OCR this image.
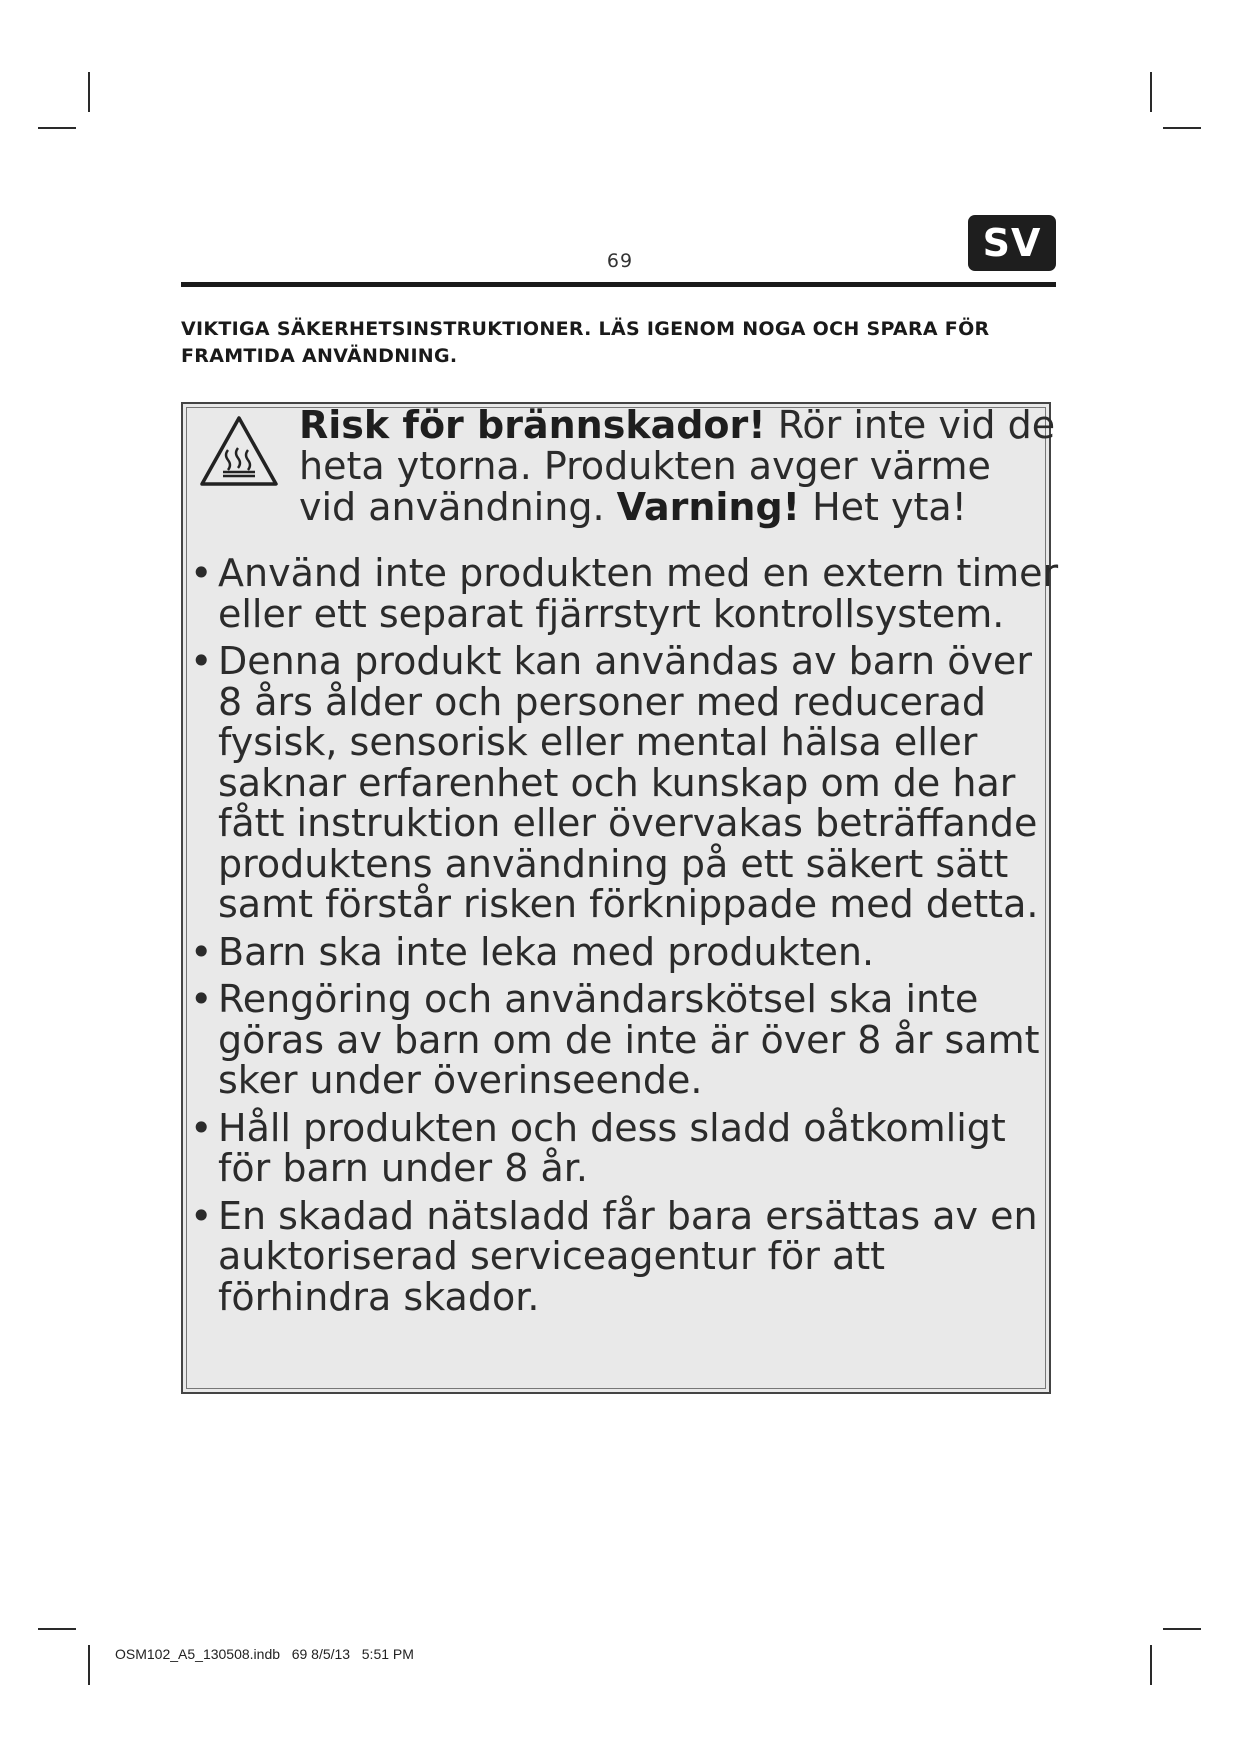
69	SV
VIKTIGA SÄKERHETSINSTRUKTIONER. LÄS IGENOM NOGA OCH SPARA FÖR FRAMTIDA ANVÄNDNING.
Risk för brännskador! Rör inte vid de heta ytorna. Produkten avger värme vid användning. Varning! Het yta!
• Använd inte produkten med en extern timer eller ett separat fjärrstyrt kontrollsystem.
• Denna produkt kan användas av barn över 8 års ålder och personer med reducerad fysisk, sensorisk eller mental hälsa eller saknar erfarenhet och kunskap om de har fått instruktion eller övervakas beträffande produktens användning på ett säkert sätt samt förstår risken förknippade med detta.
• Barn ska inte leka med produkten.
• Rengöring och användarskötsel ska inte göras av barn om de inte är över 8 år samt sker under överinseende.
• Håll produkten och dess sladd oåtkomligt för barn under 8 år.
• En skadad nätsladd får bara ersättas av en auktoriserad serviceagentur för att förhindra skador.
OSM102_A5_130508.indb 69 8/5/13 5:51 PM
